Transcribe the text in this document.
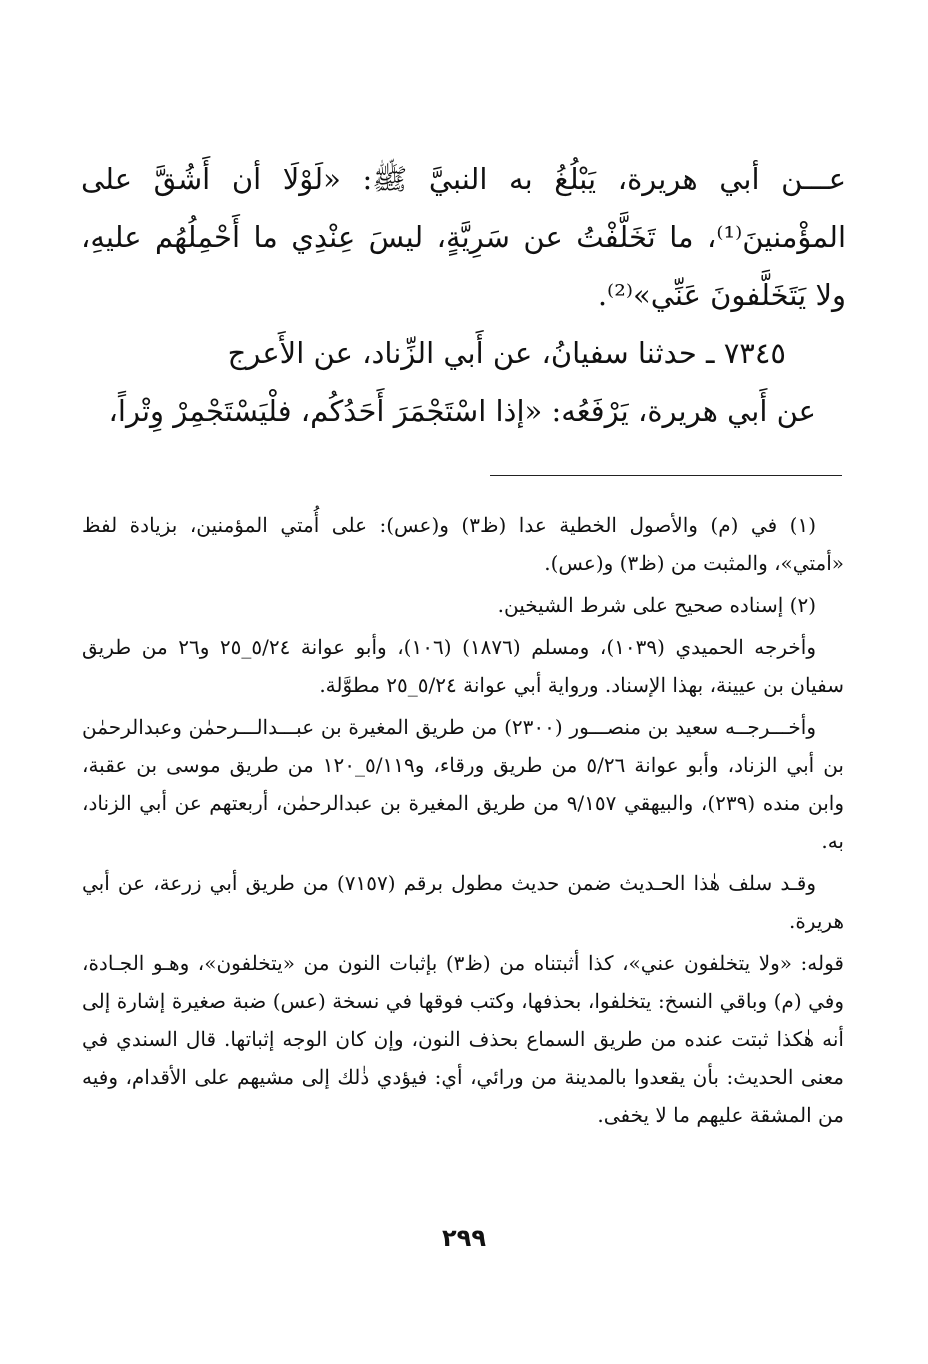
عـــن أبي هريرة، يَبْلُغُ به النبيَّ ﷺ: «لَوْلَا أن أَشُقَّ على المؤْمنينَ⁽¹⁾، ما تَخَلَّفْتُ عن سَرِيَّةٍ، ليسَ عِنْدِي ما أَحْمِلُهُم عليهِ، ولا يَتَخَلَّفونَ عَنِّي»⁽²⁾.

٧٣٤٥ ـ حدثنا سفيانُ، عن أَبي الزِّناد، عن الأَعرج

عن أَبي هريرة، يَرْفَعُه: «إذا اسْتَجْمَرَ أَحَدُكُم، فلْيَسْتَجْمِرْ وِتْراً،

(١) في (م) والأصول الخطية عدا (ظ٣) و(عس): على أُمتي المؤمنين، بزيادة لفظ «أمتي»، والمثبت من (ظ٣) و(عس).

(٢) إسناده صحيح على شرط الشيخين.

وأخرجه الحميدي (١٠٣٩)، ومسلم (١٨٧٦) (١٠٦)، وأبو عوانة ٥/٢٤_٢٥ و٢٦ من طريق سفيان بن عيينة، بهذا الإسناد. ورواية أبي عوانة ٥/٢٤_٢٥ مطوَّلة.

وأخـــرجــه سعيد بن منصـــور (٢٣٠٠) من طريق المغيرة بن عبـــدالـــرحمٰن وعبدالرحمٰن بن أبي الزناد، وأبو عوانة ٥/٢٦ من طريق ورقاء، و٥/١١٩_١٢٠ من طريق موسى بن عقبة، وابن منده (٢٣٩)، والبيهقي ٩/١٥٧ من طريق المغيرة بن عبدالرحمٰن، أربعتهم عن أبي الزناد، به.

وقـد سلف هٰذا الحـديث ضمن حديث مطول برقم (٧١٥٧) من طريق أبي زرعة، عن أبي هريرة.

قوله: «ولا يتخلفون عني»، كذا أثبتناه من (ظ٣) بإثبات النون من «يتخلفون»، وهـو الجـادة، وفي (م) وباقي النسخ: يتخلفوا، بحذفها، وكتب فوقها في نسخة (عس) ضبة صغيرة إشارة إلى أنه هٰكذا ثبتت عنده من طريق السماع بحذف النون، وإن كان الوجه إثباتها. قال السندي في معنى الحديث: بأن يقعدوا بالمدينة من ورائي، أي: فيؤدي ذٰلك إلى مشيهم على الأقدام، وفيه من المشقة عليهم ما لا يخفى.

٢٩٩
